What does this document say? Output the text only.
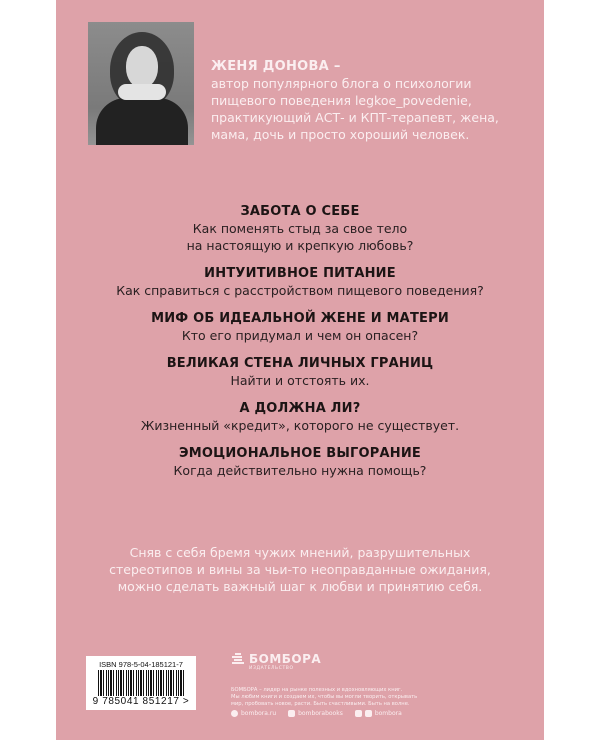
ЖЕНЯ ДОНОВА –
автор популярного блога о психологии
пищевого поведения legkoe_povedenie,
практикующий АСТ- и КПТ-терапевт, жена,
мама, дочь и просто хороший человек.
ЗАБОТА О СЕБЕ
Как поменять стыд за свое тело
на настоящую и крепкую любовь?
ИНТУИТИВНОЕ ПИТАНИЕ
Как справиться с расстройством пищевого поведения?
МИФ ОБ ИДЕАЛЬНОЙ ЖЕНЕ И МАТЕРИ
Кто его придумал и чем он опасен?
ВЕЛИКАЯ СТЕНА ЛИЧНЫХ ГРАНИЦ
Найти и отстоять их.
А ДОЛЖНА ЛИ?
Жизненный «кредит», которого не существует.
ЭМОЦИОНАЛЬНОЕ ВЫГОРАНИЕ
Когда действительно нужна помощь?
Сняв с себя бремя чужих мнений, разрушительных
стереотипов и вины за чьи-то неоправданные ожидания,
можно сделать важный шаг к любви и принятию себя.
ISBN 978-5-04-185121-7
9 785041 851217 >
БОМБОРА
ИЗДАТЕЛЬСТВО
БОМБОРА – лидер на рынке полезных и вдохновляющих книг.
Мы любим книги и создаем их, чтобы вы могли творить, открывать
мир, пробовать новое, расти. Быть счастливыми. Быть на волне.
bombora.ru	bomborabooks	bombora
